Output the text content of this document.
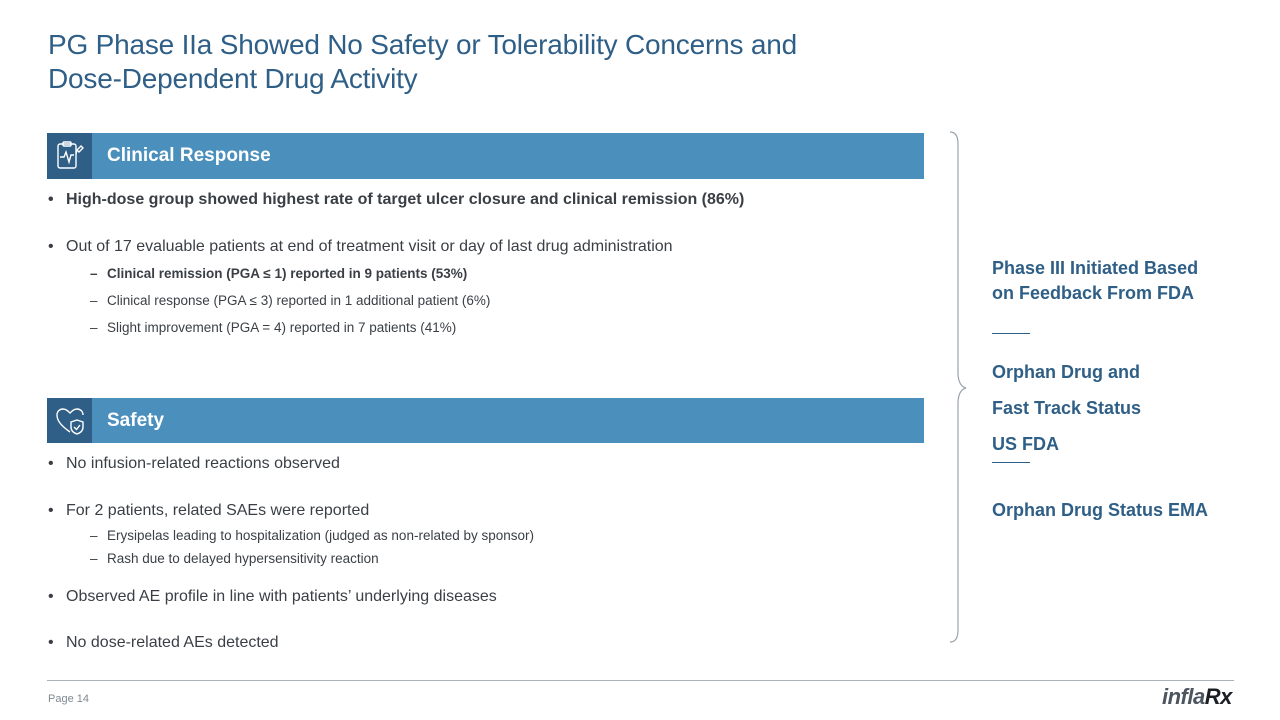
PG Phase IIa Showed No Safety or Tolerability Concerns and
Dose-Dependent Drug Activity
Clinical Response
• High-dose group showed highest rate of target ulcer closure and clinical remission (86%)
• Out of 17 evaluable patients at end of treatment visit or day of last drug administration
– Clinical remission (PGA ≤ 1) reported in 9 patients (53%)
– Clinical response (PGA ≤ 3) reported in 1 additional patient (6%)
– Slight improvement (PGA = 4) reported in 7 patients (41%)
Safety
• No infusion-related reactions observed
• For 2 patients, related SAEs were reported
– Erysipelas leading to hospitalization (judged as non-related by sponsor)
– Rash due to delayed hypersensitivity reaction
• Observed AE profile in line with patients’ underlying diseases
• No dose-related AEs detected
Phase III Initiated Based
on Feedback From FDA
Orphan Drug and
Fast Track Status
US FDA
Orphan Drug Status EMA
Page 14	inflaRx
